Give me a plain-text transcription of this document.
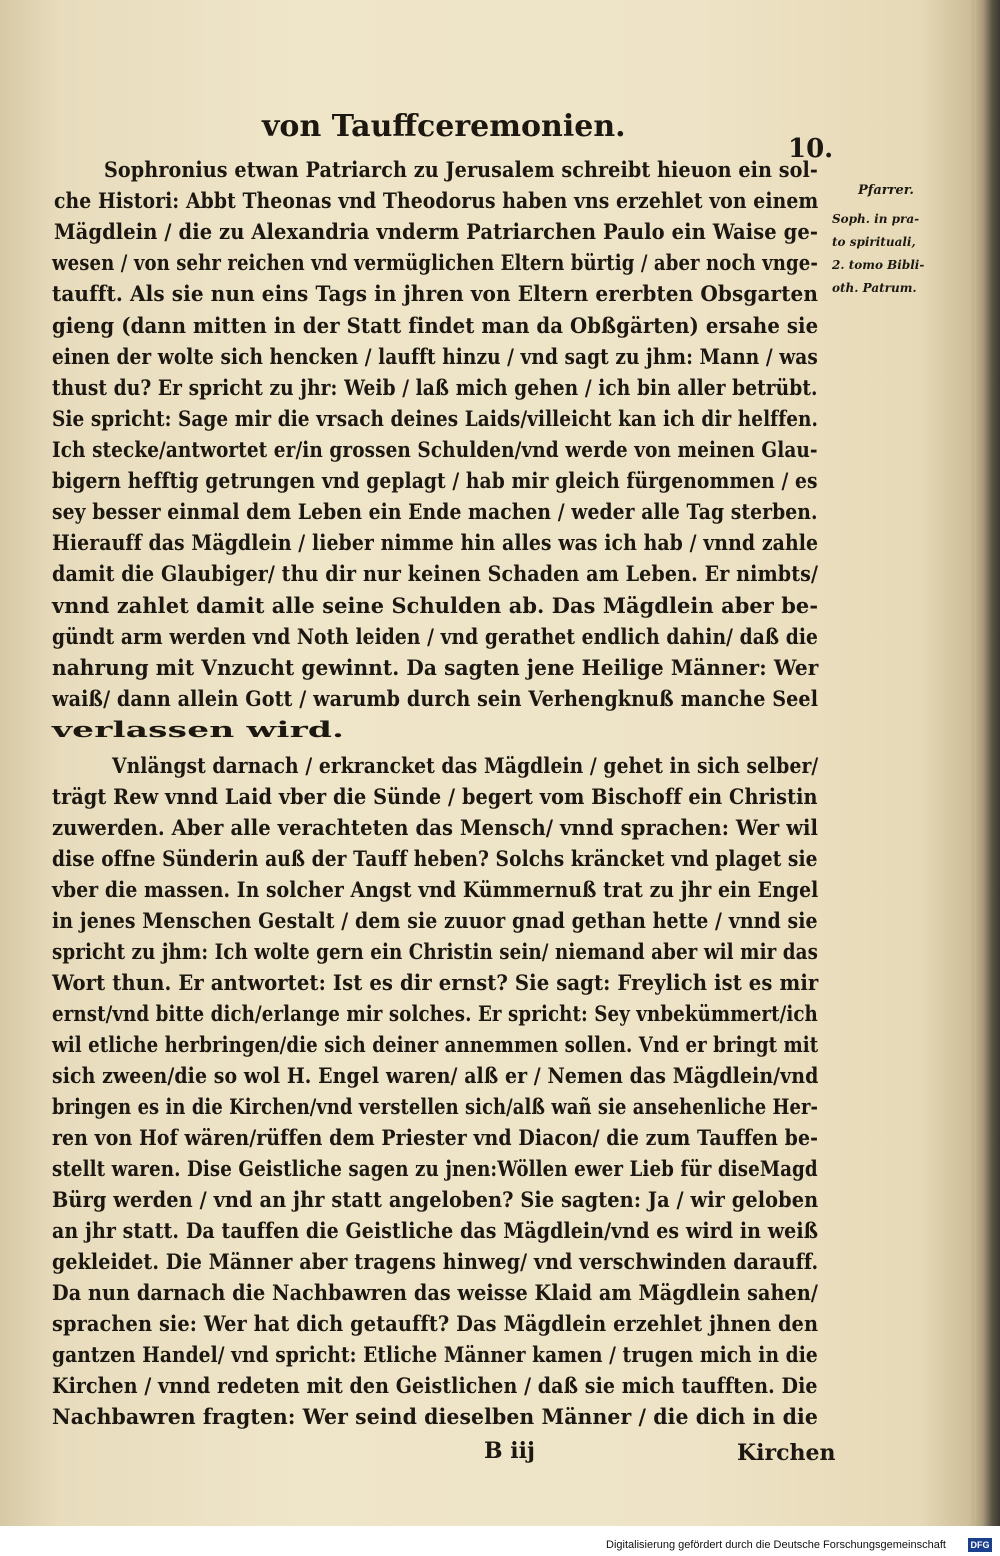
von Tauffceremonien.
10.
Pfarrer.
Soph. in pra-
to spirituali,
2. tomo Bibli-
oth. Patrum.
Sophronius etwan Patriarch zu Jerusalem schreibt hieuon ein sol-
che Histori: Abbt Theonas vnd Theodorus haben vns erzehlet von einem
Mägdlein / die zu Alexandria vnderm Patriarchen Paulo ein Waise ge-
wesen / von sehr reichen vnd vermüglichen Eltern bürtig / aber noch vnge-
taufft. Als sie nun eins Tags in jhren von Eltern ererbten Obsgarten
gieng (dann mitten in der Statt findet man da Obßgärten) ersahe sie
einen der wolte sich hencken / laufft hinzu / vnd sagt zu jhm: Mann / was
thust du? Er spricht zu jhr: Weib / laß mich gehen / ich bin aller betrübt.
Sie spricht: Sage mir die vrsach deines Laids/villeicht kan ich dir helffen.
Ich stecke/antwortet er/in grossen Schulden/vnd werde von meinen Glau-
bigern hefftig getrungen vnd geplagt / hab mir gleich fürgenommen / es
sey besser einmal dem Leben ein Ende machen / weder alle Tag sterben.
Hierauff das Mägdlein / lieber nimme hin alles was ich hab / vnnd zahle
damit die Glaubiger/ thu dir nur keinen Schaden am Leben. Er nimbts/
vnnd zahlet damit alle seine Schulden ab. Das Mägdlein aber be-
gündt arm werden vnd Noth leiden / vnd gerathet endlich dahin/ daß die
nahrung mit Vnzucht gewinnt. Da sagten jene Heilige Männer: Wer
waiß/ dann allein Gott / warumb durch sein Verhengknuß manche Seel
verlassen wird.
Vnlängst darnach / erkrancket das Mägdlein / gehet in sich selber/
trägt Rew vnnd Laid vber die Sünde / begert vom Bischoff ein Christin
zuwerden. Aber alle verachteten das Mensch/ vnnd sprachen: Wer wil
dise offne Sünderin auß der Tauff heben? Solchs kräncket vnd plaget sie
vber die massen. In solcher Angst vnd Kümmernuß trat zu jhr ein Engel
in jenes Menschen Gestalt / dem sie zuuor gnad gethan hette / vnnd sie
spricht zu jhm: Ich wolte gern ein Christin sein/ niemand aber wil mir das
Wort thun. Er antwortet: Ist es dir ernst? Sie sagt: Freylich ist es mir
ernst/vnd bitte dich/erlange mir solches. Er spricht: Sey vnbekümmert/ich
wil etliche herbringen/die sich deiner annemmen sollen. Vnd er bringt mit
sich zween/die so wol H. Engel waren/ alß er / Nemen das Mägdlein/vnd
bringen es in die Kirchen/vnd verstellen sich/alß wañ sie ansehenliche Her-
ren von Hof wären/rüffen dem Priester vnd Diacon/ die zum Tauffen be-
stellt waren. Dise Geistliche sagen zu jnen:Wöllen ewer Lieb für diseMagd
Bürg werden / vnd an jhr statt angeloben? Sie sagten: Ja / wir geloben
an jhr statt. Da tauffen die Geistliche das Mägdlein/vnd es wird in weiß
gekleidet. Die Männer aber tragens hinweg/ vnd verschwinden darauff.
Da nun darnach die Nachbawren das weisse Klaid am Mägdlein sahen/
sprachen sie: Wer hat dich getaufft? Das Mägdlein erzehlet jhnen den
gantzen Handel/ vnd spricht: Etliche Männer kamen / trugen mich in die
Kirchen / vnnd redeten mit den Geistlichen / daß sie mich taufften. Die
Nachbawren fragten: Wer seind dieselben Männer / die dich in die
B iij	Kirchen
Digitalisierung gefördert durch die Deutsche Forschungsgemeinschaft	DFG
